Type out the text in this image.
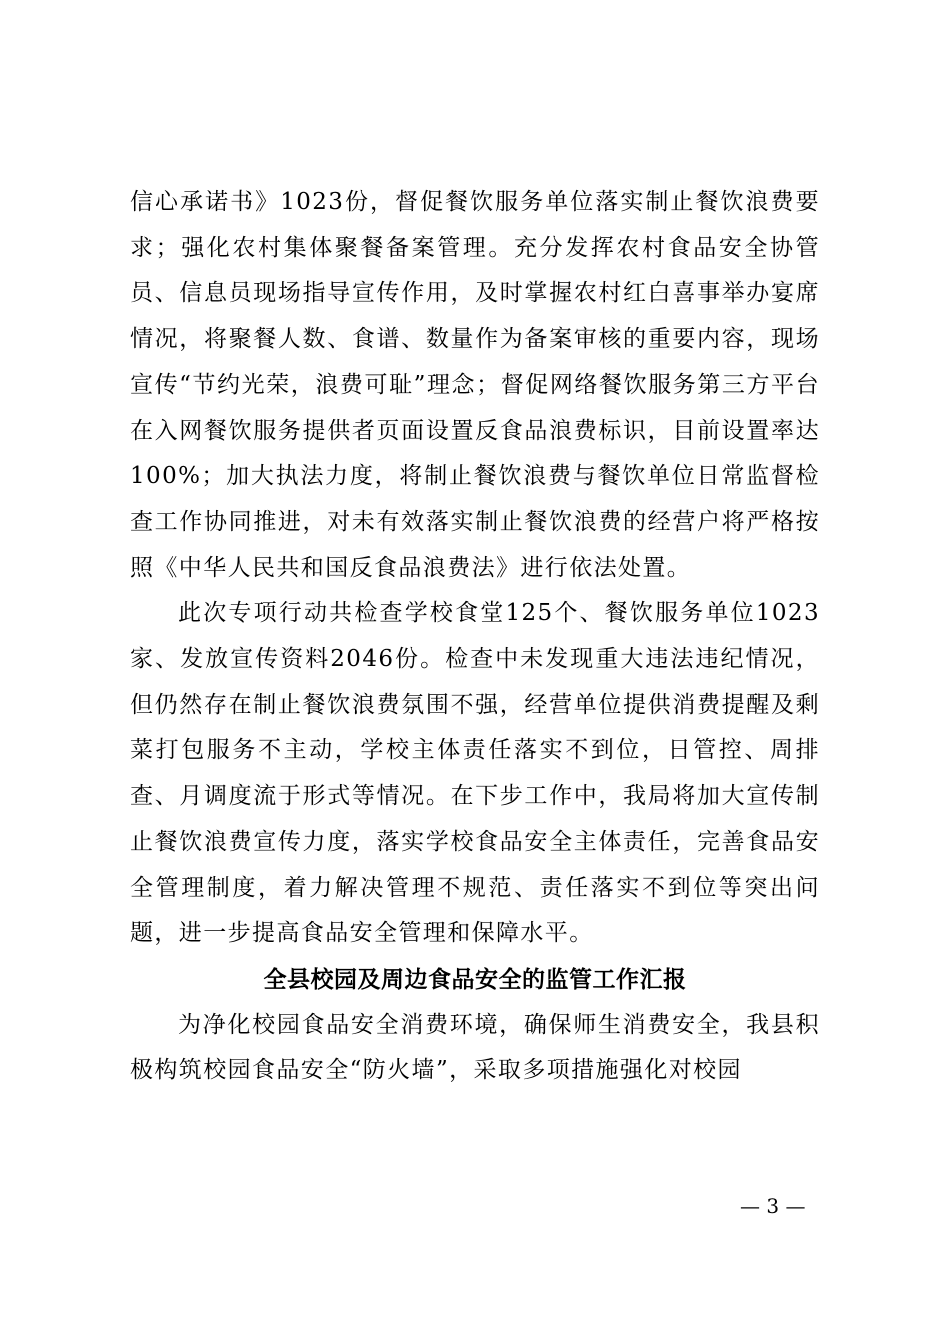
信心承诺书》1023份，督促餐饮服务单位落实制止餐饮浪费要求；强化农村集体聚餐备案管理。充分发挥农村食品安全协管员、信息员现场指导宣传作用，及时掌握农村红白喜事举办宴席情况，将聚餐人数、食谱、数量作为备案审核的重要内容，现场宣传“节约光荣，浪费可耻”理念；督促网络餐饮服务第三方平台在入网餐饮服务提供者页面设置反食品浪费标识，目前设置率达100%；加大执法力度，将制止餐饮浪费与餐饮单位日常监督检查工作协同推进，对未有效落实制止餐饮浪费的经营户将严格按照《中华人民共和国反食品浪费法》进行依法处置。

此次专项行动共检查学校食堂125个、餐饮服务单位1023家、发放宣传资料2046份。检查中未发现重大违法违纪情况，但仍然存在制止餐饮浪费氛围不强，经营单位提供消费提醒及剩菜打包服务不主动，学校主体责任落实不到位，日管控、周排查、月调度流于形式等情况。在下步工作中，我局将加大宣传制止餐饮浪费宣传力度，落实学校食品安全主体责任，完善食品安全管理制度，着力解决管理不规范、责任落实不到位等突出问题，进一步提高食品安全管理和保障水平。

全县校园及周边食品安全的监管工作汇报

为净化校园食品安全消费环境，确保师生消费安全，我县积极构筑校园食品安全“防火墙”，采取多项措施强化对校园

— 3 —
